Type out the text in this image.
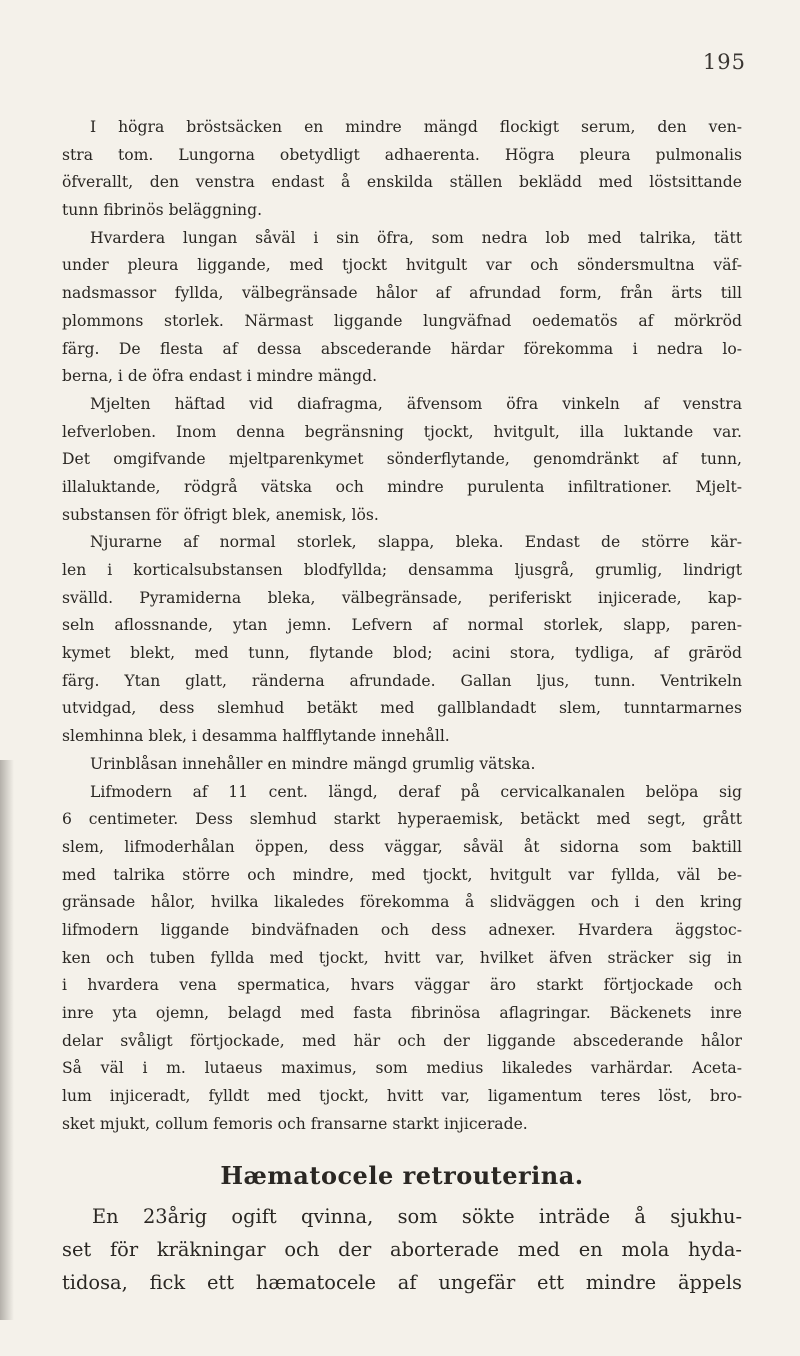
195
I högra bröstsäcken en mindre mängd flockigt serum, den ven-
stra tom. Lungorna obetydligt adhaerenta. Högra pleura pulmonalis
öfverallt, den venstra endast å enskilda ställen beklädd med löstsittande
tunn fibrinös beläggning.
Hvardera lungan såväl i sin öfra, som nedra lob med talrika, tätt
under pleura liggande, med tjockt hvitgult var och söndersmultna väf-
nadsmassor fyllda, välbegränsade hålor af afrundad form, från ärts till
plommons storlek. Närmast liggande lungväfnad oedematös af mörkröd
färg. De flesta af dessa abscederande härdar förekomma i nedra lo-
berna, i de öfra endast i mindre mängd.
Mjelten häftad vid diafragma, äfvensom öfra vinkeln af venstra
lefverloben. Inom denna begränsning tjockt, hvitgult, illa luktande var.
Det omgifvande mjeltparenkymet sönderflytande, genomdränkt af tunn,
illaluktande, rödgrå vätska och mindre purulenta infiltrationer. Mjelt-
substansen för öfrigt blek, anemisk, lös.
Njurarne af normal storlek, slappa, bleka. Endast de större kär-
len i korticalsubstansen blodfyllda; densamma ljusgrå, grumlig, lindrigt
svälld. Pyramiderna bleka, välbegränsade, periferiskt injicerade, kap-
seln aflossnande, ytan jemn. Lefvern af normal storlek, slapp, paren-
kymet blekt, med tunn, flytande blod; acini stora, tydliga, af grāröd
färg. Ytan glatt, ränderna afrundade. Gallan ljus, tunn. Ventrikeln
utvidgad, dess slemhud betäkt med gallblandadt slem, tunntarmarnes
slemhinna blek, i desamma halfflytande innehåll.
Urinblåsan innehåller en mindre mängd grumlig vätska.
Lifmodern af 11 cent. längd, deraf på cervicalkanalen belöpa sig
6 centimeter. Dess slemhud starkt hyperaemisk, betäckt med segt, grått
slem, lifmoderhålan öppen, dess väggar, såväl åt sidorna som baktill
med talrika större och mindre, med tjockt, hvitgult var fyllda, väl be-
gränsade hålor, hvilka likaledes förekomma å slidväggen och i den kring
lifmodern liggande bindväfnaden och dess adnexer. Hvardera äggstoc-
ken och tuben fyllda med tjockt, hvitt var, hvilket äfven sträcker sig in
i hvardera vena spermatica, hvars väggar äro starkt förtjockade och
inre yta ojemn, belagd med fasta fibrinösa aflagringar. Bäckenets inre
delar svåligt förtjockade, med här och der liggande abscederande hålor
Så väl i m. lutaeus maximus, som medius likaledes varhärdar. Aceta-
lum injiceradt, fylldt med tjockt, hvitt var, ligamentum teres löst, bro-
sket mjukt, collum femoris och fransarne starkt injicerade.
Hæmatocele retrouterina.
En 23årig ogift qvinna, som sökte inträde å sjukhu-
set för kräkningar och der aborterade med en mola hyda-
tidosa, fick ett hæmatocele af ungefär ett mindre äppels
